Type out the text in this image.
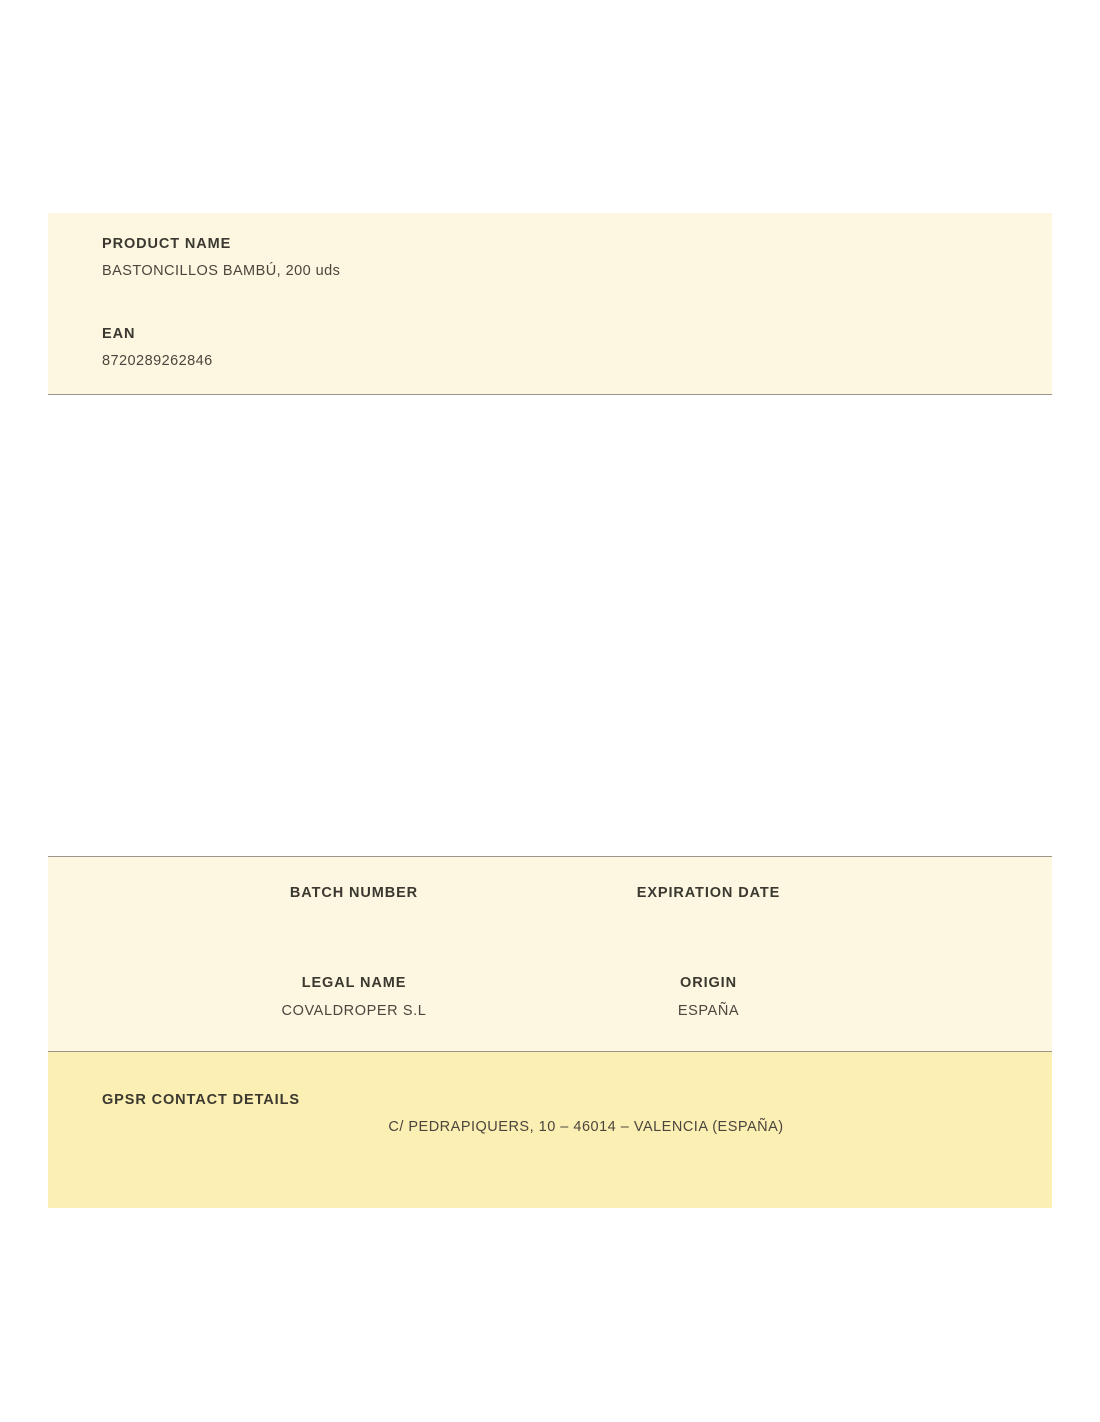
PRODUCT NAME

BASTONCILLOS BAMBÚ, 200 uds

EAN

8720289262846

BATCH NUMBER	EXPIRATION DATE

LEGAL NAME

COVALDROPER S.L

ORIGIN

ESPAÑA

GPSR CONTACT DETAILS
C/ PEDRAPIQUERS, 10 – 46014 – VALENCIA (ESPAÑA)
